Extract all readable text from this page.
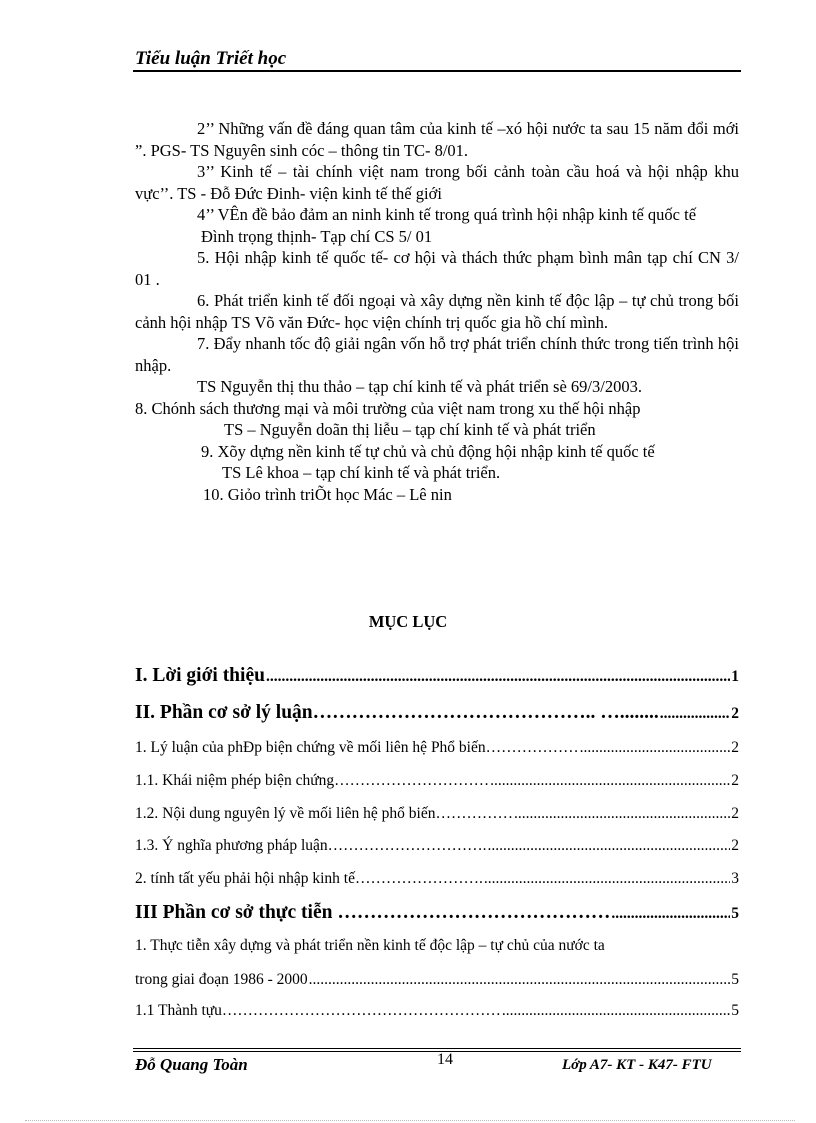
Tiểu luận Triết học
2’’ Những vấn đề đáng quan tâm của kinh tế –xó hội nước ta sau 15 năm đổi mới ”. PGS- TS Nguyên sinh cóc – thông tin TC- 8/01.
3’’ Kinh tế – tài chính việt nam trong bối cảnh toàn cầu hoá và hội nhập khu vực’’. TS - Đỗ Đức Đinh- viện kinh tế thế giới
4’’ VÊn đề bảo đảm an ninh kinh tế trong quá trình hội nhập kinh tế quốc tế
Đình trọng thịnh- Tạp chí CS 5/ 01
5. Hội nhập kinh tế quốc tế- cơ hội và thách thức phạm bình mân tạp chí CN 3/ 01 .
6. Phát triển kinh tế đối ngoại và xây dựng nền kinh tế độc lập – tự chủ trong bối cảnh hội nhập TS Võ văn Đức- học viện chính trị quốc gia hồ chí mình.
7. Đẩy nhanh tốc độ giải ngân vốn hỗ trợ phát triển chính thức trong tiến trình hội nhập.
TS Nguyễn thị thu thảo – tạp chí kinh tế và phát triển sè 69/3/2003.
8. Chónh sách thương mại và môi trường của việt nam trong xu thế hội nhập
TS – Nguyễn doãn thị liễu – tạp chí kinh tế và phát triển
9. Xõy dựng nền kinh tế tự chủ và chủ động hội nhập kinh tế quốc tế
TS Lê khoa – tạp chí kinh tế và phát triển.
10. Giỏo trình triÕt học Mác – Lê nin
MỤC LỤC
I. Lời giới thiệu .....	1
II. Phần cơ sở lý luận…………………………………….. …........ .....	2
1. Lý luận của phÐp biện chứng về mối liên hệ Phổ biến……………… .....	2
1.1. Khái niệm phép biện chứng………………………… .....	2
1.2. Nội dung nguyên lý về mối liên hệ phổ biến…………… .....	2
1.3. Ý nghĩa phương pháp luận…………………………. .....	2
2. tính tất yếu phải hội nhập kinh tế……………………. .....	3
III Phần cơ sở thực tiễn …………………………………… .....	5
1. Thực tiễn xây dựng và phát triển nền kinh tế độc lập – tự chủ của nước ta
trong giai đoạn 1986 - 2000 .....	5
1.1 Thành tựu……………………………………………… .....	5
Đỗ Quang Toàn	14	Lớp A7- KT - K47- FTU
